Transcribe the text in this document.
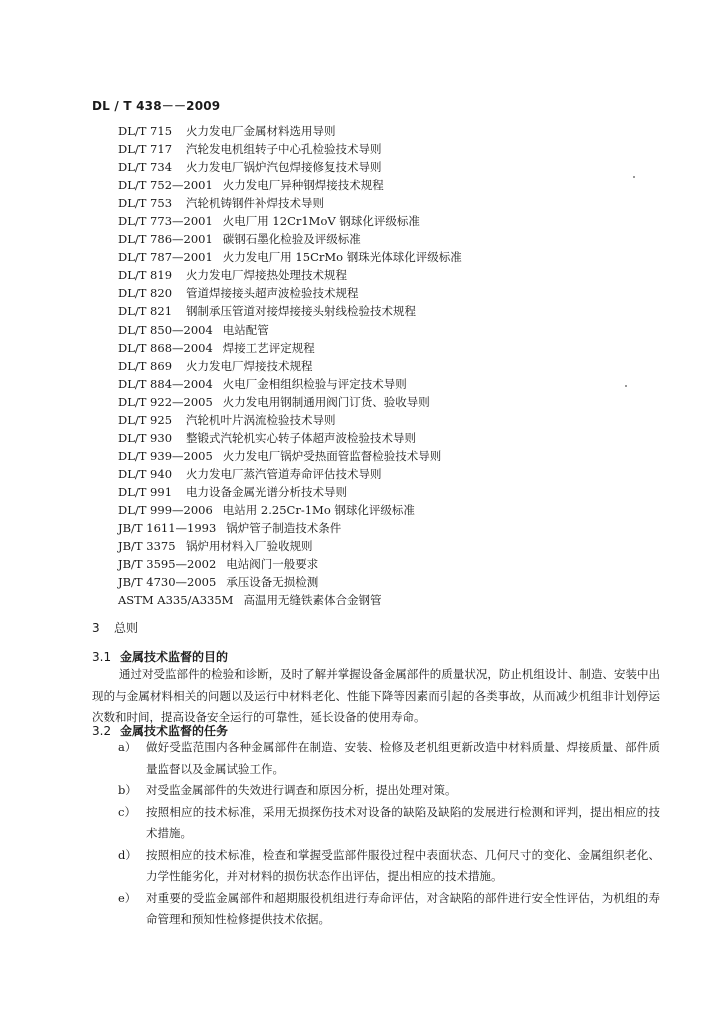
DL / T 438－－2009
DL/T 715	火力发电厂金属材料选用导则
DL/T 717	汽轮发电机组转子中心孔检验技术导则
DL/T 734	火力发电厂锅炉汽包焊接修复技术导则
DL/T 752—2001 火力发电厂异种钢焊接技术规程
DL/T 753	汽轮机铸钢件补焊技术导则
DL/T 773—2001 火电厂用 12Cr1MoV 钢球化评级标准
DL/T 786—2001 碳钢石墨化检验及评级标准
DL/T 787—2001 火力发电厂用 15CrMo 钢珠光体球化评级标准
DL/T 819	火力发电厂焊接热处理技术规程
DL/T 820	管道焊接接头超声波检验技术规程
DL/T 821	钢制承压管道对接焊接接头射线检验技术规程
DL/T 850—2004 电站配管
DL/T 868—2004 焊接工艺评定规程
DL/T 869	火力发电厂焊接技术规程
DL/T 884—2004 火电厂金相组织检验与评定技术导则
DL/T 922—2005 火力发电用钢制通用阀门订货、验收导则
DL/T 925	汽轮机叶片涡流检验技术导则
DL/T 930	整锻式汽轮机实心转子体超声波检验技术导则
DL/T 939—2005 火力发电厂锅炉受热面管监督检验技术导则
DL/T 940	火力发电厂蒸汽管道寿命评估技术导则
DL/T 991	电力设备金属光谱分析技术导则
DL/T 999—2006 电站用 2.25Cr-1Mo 钢球化评级标准
JB/T 1611—1993 锅炉管子制造技术条件
JB/T 3375 锅炉用材料入厂验收规则
JB/T 3595—2002 电站阀门一般要求
JB/T 4730—2005 承压设备无损检测
ASTM A335/A335M 高温用无缝铁素体合金钢管
3 总则
3.1 金属技术监督的目的
通过对受监部件的检验和诊断，及时了解并掌握设备金属部件的质量状况，防止机组设计、制造、安装中出现的与金属材料相关的问题以及运行中材料老化、性能下降等因素而引起的各类事故，从而减少机组非计划停运次数和时间，提高设备安全运行的可靠性，延长设备的使用寿命。
3.2 金属技术监督的任务
a） 做好受监范围内各种金属部件在制造、安装、检修及老机组更新改造中材料质量、焊接质量、部件质量监督以及金属试验工作。
b） 对受监金属部件的失效进行调查和原因分析，提出处理对策。
c） 按照相应的技术标准，采用无损探伤技术对设备的缺陷及缺陷的发展进行检测和评判，提出相应的技术措施。
d） 按照相应的技术标准，检查和掌握受监部件服役过程中表面状态、几何尺寸的变化、金属组织老化、力学性能劣化，并对材料的损伤状态作出评估，提出相应的技术措施。
e） 对重要的受监金属部件和超期服役机组进行寿命评估，对含缺陷的部件进行安全性评估，为机组的寿命管理和预知性检修提供技术依据。
